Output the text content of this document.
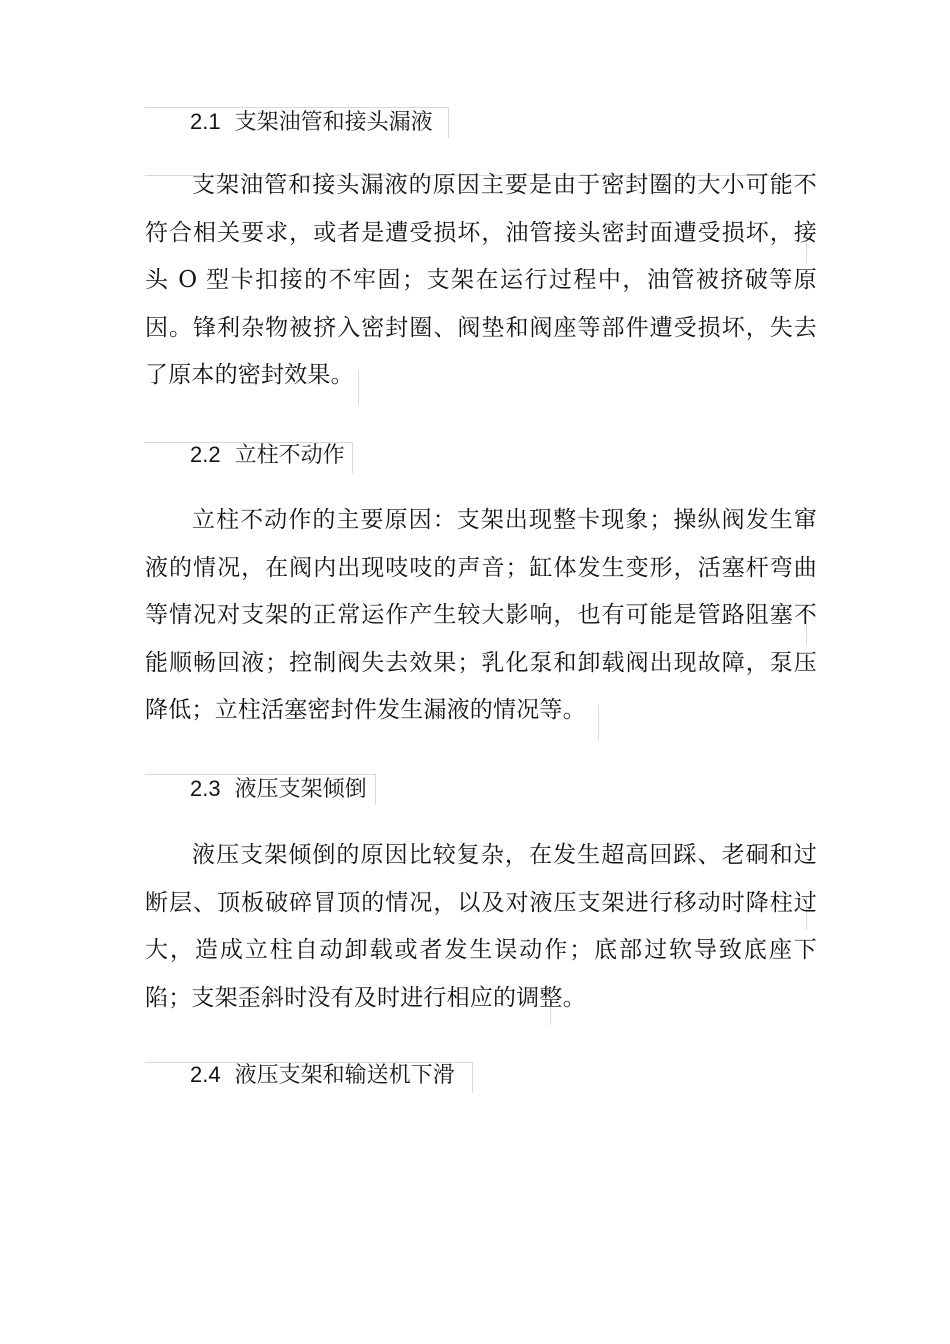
2.1 支架油管和接头漏液
支架油管和接头漏液的原因主要是由于密封圈的大小可能不符合相关要求，或者是遭受损坏，油管接头密封面遭受损坏，接头 O 型卡扣接的不牢固；支架在运行过程中，油管被挤破等原因。锋利杂物被挤入密封圈、阀垫和阀座等部件遭受损坏，失去了原本的密封效果。
2.2 立柱不动作
立柱不动作的主要原因：支架出现整卡现象；操纵阀发生窜液的情况，在阀内出现吱吱的声音；缸体发生变形，活塞杆弯曲等情况对支架的正常运作产生较大影响，也有可能是管路阻塞不能顺畅回液；控制阀失去效果；乳化泵和卸载阀出现故障，泵压降低；立柱活塞密封件发生漏液的情况等。
2.3 液压支架倾倒
液压支架倾倒的原因比较复杂，在发生超高回踩、老硐和过断层、顶板破碎冒顶的情况，以及对液压支架进行移动时降柱过大，造成立柱自动卸载或者发生误动作；底部过软导致底座下陷；支架歪斜时没有及时进行相应的调整。
2.4 液压支架和输送机下滑
